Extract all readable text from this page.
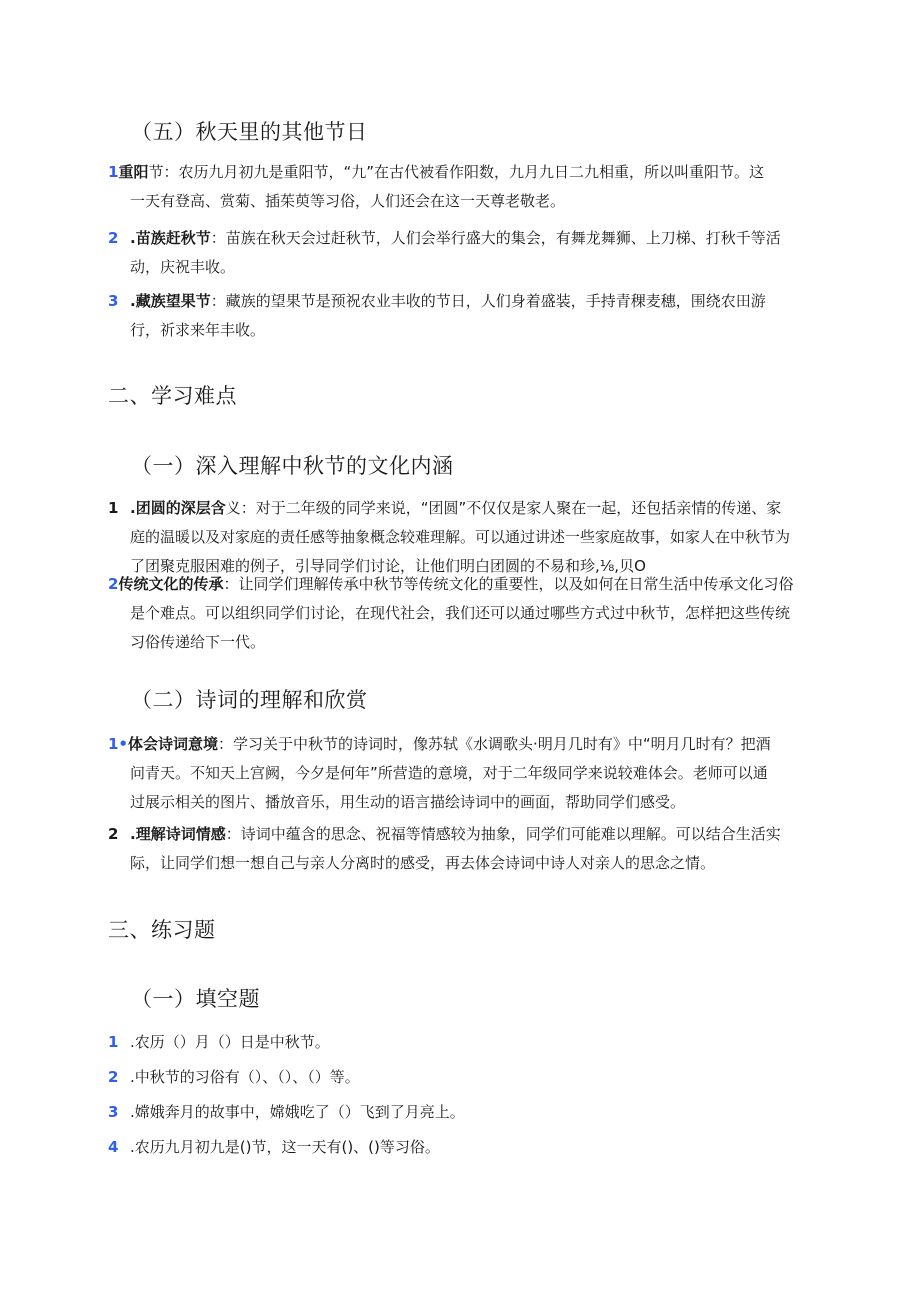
（五）秋天里的其他节日

1重阳节：农历九月初九是重阳节，“九”在古代被看作阳数，九月九日二九相重，所以叫重阳节。这

一天有登高、赏菊、插茱萸等习俗，人们还会在这一天尊老敬老。

2 .苗族赶秋节：苗族在秋天会过赶秋节，人们会举行盛大的集会，有舞龙舞狮、上刀梯、打秋千等活

动，庆祝丰收。

3 .藏族望果节：藏族的望果节是预祝农业丰收的节日，人们身着盛装，手持青稞麦穗，围绕农田游

行，祈求来年丰收。

二、学习难点
（一）深入理解中秋节的文化内涵

1 .团圆的深层含义：对于二年级的同学来说，“团圆”不仅仅是家人聚在一起，还包括亲情的传递、家

庭的温暖以及对家庭的责任感等抽象概念较难理解。可以通过讲述一些家庭故事，如家人在中秋节为

了团聚克服困难的例子，引导同学们讨论，让他们明白团圆的不易和珍,⅛,贝O

2传统文化的传承：让同学们理解传承中秋节等传统文化的重要性，以及如何在日常生活中传承文化习俗

是个难点。可以组织同学们讨论，在现代社会，我们还可以通过哪些方式过中秋节，怎样把这些传统

习俗传递给下一代。

（二）诗词的理解和欣赏

1•体会诗词意境：学习关于中秋节的诗词时，像苏轼《水调歌头·明月几时有》中“明月几时有？把酒

问青天。不知天上宫阙，今夕是何年”所营造的意境，对于二年级同学来说较难体会。老师可以通

过展示相关的图片、播放音乐，用生动的语言描绘诗词中的画面，帮助同学们感受。

2 .理解诗词情感：诗词中蕴含的思念、祝福等情感较为抽象，同学们可能难以理解。可以结合生活实

际，让同学们想一想自己与亲人分离时的感受，再去体会诗词中诗人对亲人的思念之情。

三、练习题
（一）填空题
1 .农历（）月（）日是中秋节。
2 .中秋节的习俗有（）、（）、（）等。
3 .嫦娥奔月的故事中，嫦娥吃了（）飞到了月亮上。
4 .农历九月初九是()节，这一天有()、()等习俗。
